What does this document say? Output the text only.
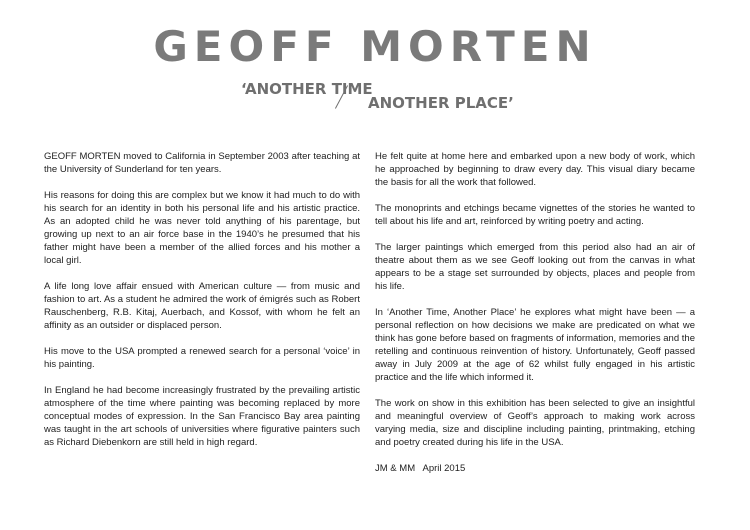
GEOFF MORTEN
‘ANOTHER TIME
ANOTHER PLACE’

GEOFF MORTEN moved to California in September 2003 after teaching at the University of Sunderland for ten years.

His reasons for doing this are complex but we know it had much to do with his search for an identity in both his personal life and his artistic practice. As an adopted child he was never told anything of his parentage, but growing up next to an air force base in the 1940’s he presumed that his father might have been a member of the allied forces and his mother a local girl.

A life long love affair ensued with American culture — from music and fashion to art. As a student he admired the work of émigrés such as Robert Rauschenberg, R.B. Kitaj, Auerbach, and Kossof, with whom he felt an affinity as an outsider or displaced person.

His move to the USA prompted a renewed search for a personal ‘voice’ in his painting.

In England he had become increasingly frustrated by the prevailing artistic atmosphere of the time where painting was becoming replaced by more conceptual modes of expression. In the San Francisco Bay area painting was taught in the art schools of universities where figurative painters such as Richard Diebenkorn are still held in high regard.

He felt quite at home here and embarked upon a new body of work, which he approached by beginning to draw every day. This visual diary became the basis for all the work that followed.

The monoprints and etchings became vignettes of the stories he wanted to tell about his life and art, reinforced by writing poetry and acting.

The larger paintings which emerged from this period also had an air of theatre about them as we see Geoff looking out from the canvas in what appears to be a stage set surrounded by objects, places and people from his life.

In ‘Another Time, Another Place’ he explores what might have been — a personal reflection on how decisions we make are predicated on what we think has gone before based on fragments of information, memories and the retelling and continuous reinvention of history. Unfortunately, Geoff passed away in July 2009 at the age of 62 whilst fully engaged in his artistic practice and the life which informed it.

The work on show in this exhibition has been selected to give an insightful and meaningful overview of Geoff’s approach to making work across varying media, size and discipline including painting, printmaking, etching and poetry created during his life in the USA.

JM & MM   April 2015
